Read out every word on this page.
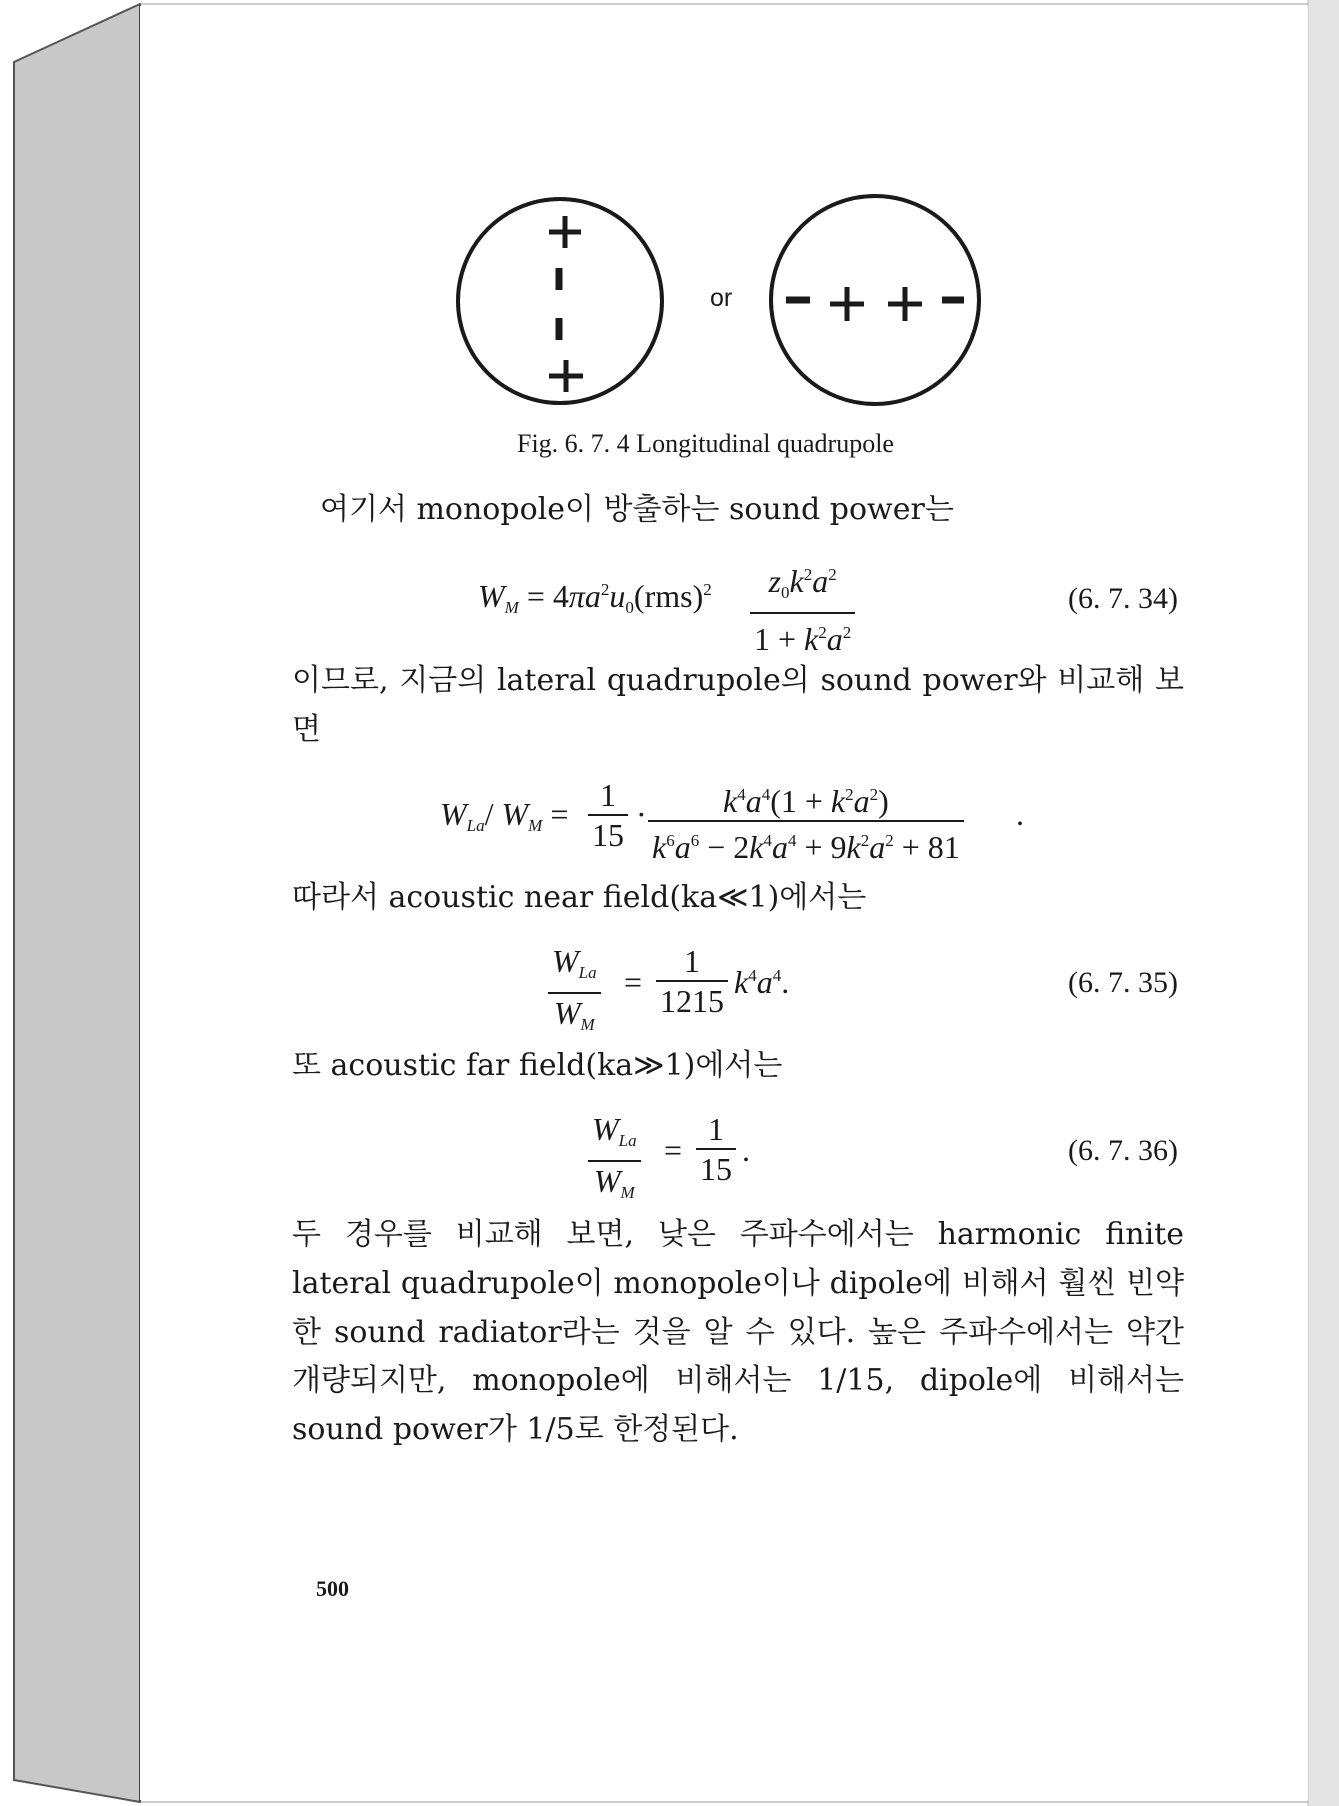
or
Fig. 6. 7. 4 Longitudinal quadrupole

여기서 monopole이 방출하는 sound power는

$W_M = 4\pi a^2u_0(rms)^2 \frac{z_0k^2a^2}{1 + k^2a^2}$	(6. 7. 34)

이므로, 지금의 lateral quadrupole의 sound power와 비교해 보면

$W_{La}/$ $W_M = \frac{1}{15} \cdot \frac{k^4a^4(1 + k^2a^2)}{k^6a^6 - 2k^4a^4 + 9k^2a^2 + 81}$ .

따라서 acoustic near field(ka≪1)에서는

$W_{La}$
$W_M$
= $\frac{1}{1215} k^4a^4$.	(6. 7. 35)

또 acoustic far field(ka≫1)에서는

$W_{La}$
$W_M$
= $\frac{1}{15}$ .	(6. 7. 36)

두 경우를 비교해 보면, 낮은 주파수에서는 harmonic finite lateral quadrupole이 monopole이나 dipole에 비해서 훨씬 빈약한 sound radiator라는 것을 알 수 있다. 높은 주파수에서는 약간 개량되지만, monopole에 비해서는 1/15, dipole에 비해서는 sound power가 1/5로 한정된다.

500
